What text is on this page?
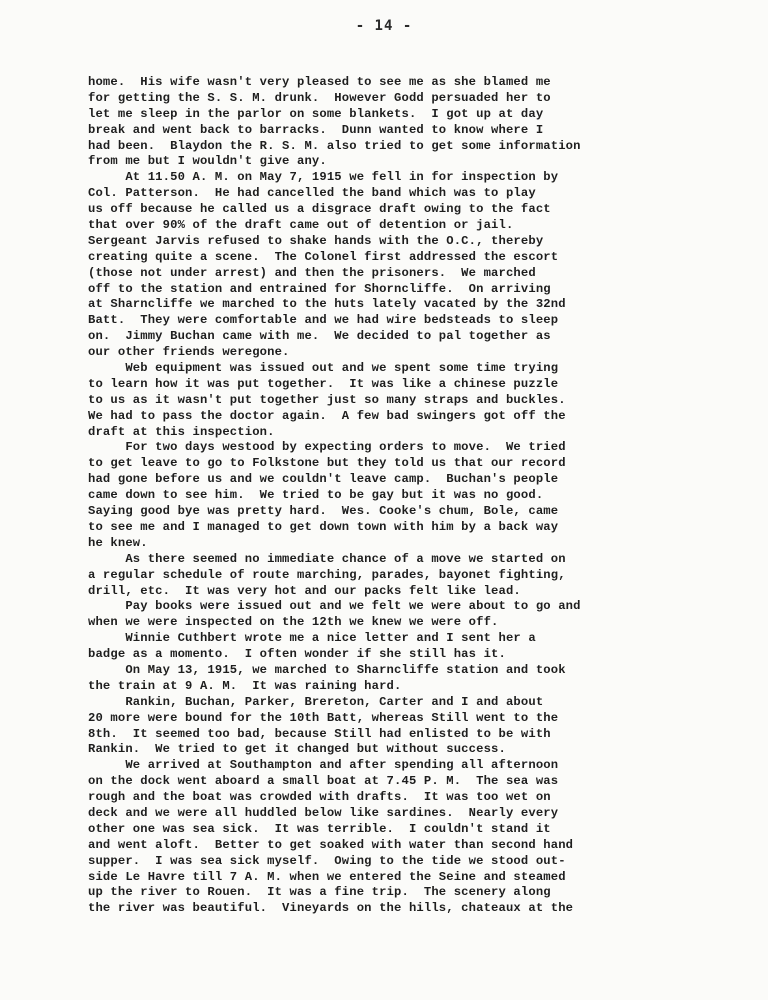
- 14 -
home.  His wife wasn't very pleased to see me as she blamed me
for getting the S. S. M. drunk.  However Godd persuaded her to
let me sleep in the parlor on some blankets.  I got up at day
break and went back to barracks.  Dunn wanted to know where I
had been.  Blaydon the R. S. M. also tried to get some information
from me but I wouldn't give any.
At 11.50 A. M. on May 7, 1915 we fell in for inspection by
Col. Patterson.  He had cancelled the band which was to play
us off because he called us a disgrace draft owing to the fact
that over 90% of the draft came out of detention or jail.
Sergeant Jarvis refused to shake hands with the O.C., thereby
creating quite a scene.  The Colonel first addressed the escort
(those not under arrest) and then the prisoners.  We marched
off to the station and entrained for Shorncliffe.  On arriving
at Sharncliffe we marched to the huts lately vacated by the 32nd
Batt.  They were comfortable and we had wire bedsteads to sleep
on.  Jimmy Buchan came with me.  We decided to pal together as
our other friends weregone.
Web equipment was issued out and we spent some time trying
to learn how it was put together.  It was like a chinese puzzle
to us as it wasn't put together just so many straps and buckles.
We had to pass the doctor again.  A few bad swingers got off the
draft at this inspection.
For two days westood by expecting orders to move.  We tried
to get leave to go to Folkstone but they told us that our record
had gone before us and we couldn't leave camp.  Buchan's people
came down to see him.  We tried to be gay but it was no good.
Saying good bye was pretty hard.  Wes. Cooke's chum, Bole, came
to see me and I managed to get down town with him by a back way
he knew.
As there seemed no immediate chance of a move we started on
a regular schedule of route marching, parades, bayonet fighting,
drill, etc.  It was very hot and our packs felt like lead.
Pay books were issued out and we felt we were about to go and
when we were inspected on the 12th we knew we were off.
Winnie Cuthbert wrote me a nice letter and I sent her a
badge as a momento.  I often wonder if she still has it.
On May 13, 1915, we marched to Sharncliffe station and took
the train at 9 A. M.  It was raining hard.
Rankin, Buchan, Parker, Brereton, Carter and I and about
20 more were bound for the 10th Batt, whereas Still went to the
8th.  It seemed too bad, because Still had enlisted to be with
Rankin.  We tried to get it changed but without success.
We arrived at Southampton and after spending all afternoon
on the dock went aboard a small boat at 7.45 P. M.  The sea was
rough and the boat was crowded with drafts.  It was too wet on
deck and we were all huddled below like sardines.  Nearly every
other one was sea sick.  It was terrible.  I couldn't stand it
and went aloft.  Better to get soaked with water than second hand
supper.  I was sea sick myself.  Owing to the tide we stood out-
side Le Havre till 7 A. M. when we entered the Seine and steamed
up the river to Rouen.  It was a fine trip.  The scenery along
the river was beautiful.  Vineyards on the hills, chateaux at the
